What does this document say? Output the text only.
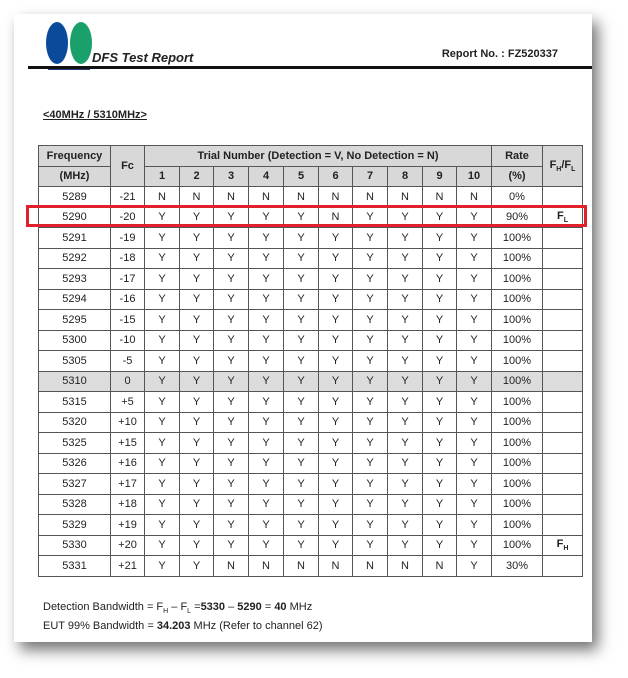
DFS Test Report	Report No. : FZ520337
<40MHz / 5310MHz>
Frequency	Fc	Trial Number (Detection = V, No Detection = N)										Rate	$F_H/F_L$
(MHz)		1	2	3	4	5	6	7	8	9	10	(%)	
5289	-21	N	N	N	N	N	N	N	N	N	N	0%	
5290	-20	Y	Y	Y	Y	Y	N	Y	Y	Y	Y	90%	$F_L$
5291	-19	Y	Y	Y	Y	Y	Y	Y	Y	Y	Y	100%	
5292	-18	Y	Y	Y	Y	Y	Y	Y	Y	Y	Y	100%	
5293	-17	Y	Y	Y	Y	Y	Y	Y	Y	Y	Y	100%	
5294	-16	Y	Y	Y	Y	Y	Y	Y	Y	Y	Y	100%	
5295	-15	Y	Y	Y	Y	Y	Y	Y	Y	Y	Y	100%	
5300	-10	Y	Y	Y	Y	Y	Y	Y	Y	Y	Y	100%	
5305	-5	Y	Y	Y	Y	Y	Y	Y	Y	Y	Y	100%	
5310	0	Y	Y	Y	Y	Y	Y	Y	Y	Y	Y	100%	
5315	+5	Y	Y	Y	Y	Y	Y	Y	Y	Y	Y	100%	
5320	+10	Y	Y	Y	Y	Y	Y	Y	Y	Y	Y	100%	
5325	+15	Y	Y	Y	Y	Y	Y	Y	Y	Y	Y	100%	
5326	+16	Y	Y	Y	Y	Y	Y	Y	Y	Y	Y	100%	
5327	+17	Y	Y	Y	Y	Y	Y	Y	Y	Y	Y	100%	
5328	+18	Y	Y	Y	Y	Y	Y	Y	Y	Y	Y	100%	
5329	+19	Y	Y	Y	Y	Y	Y	Y	Y	Y	Y	100%	
5330	+20	Y	Y	Y	Y	Y	Y	Y	Y	Y	Y	100%	$F_H$
5331	+21	Y	Y	N	N	N	N	N	N	N	Y	30%	
Detection Bandwidth = $F_H - F_L =5330 - 5290 = 40$ MHz
EUT 99% Bandwidth = 34.203 MHz (Refer to channel 62)
